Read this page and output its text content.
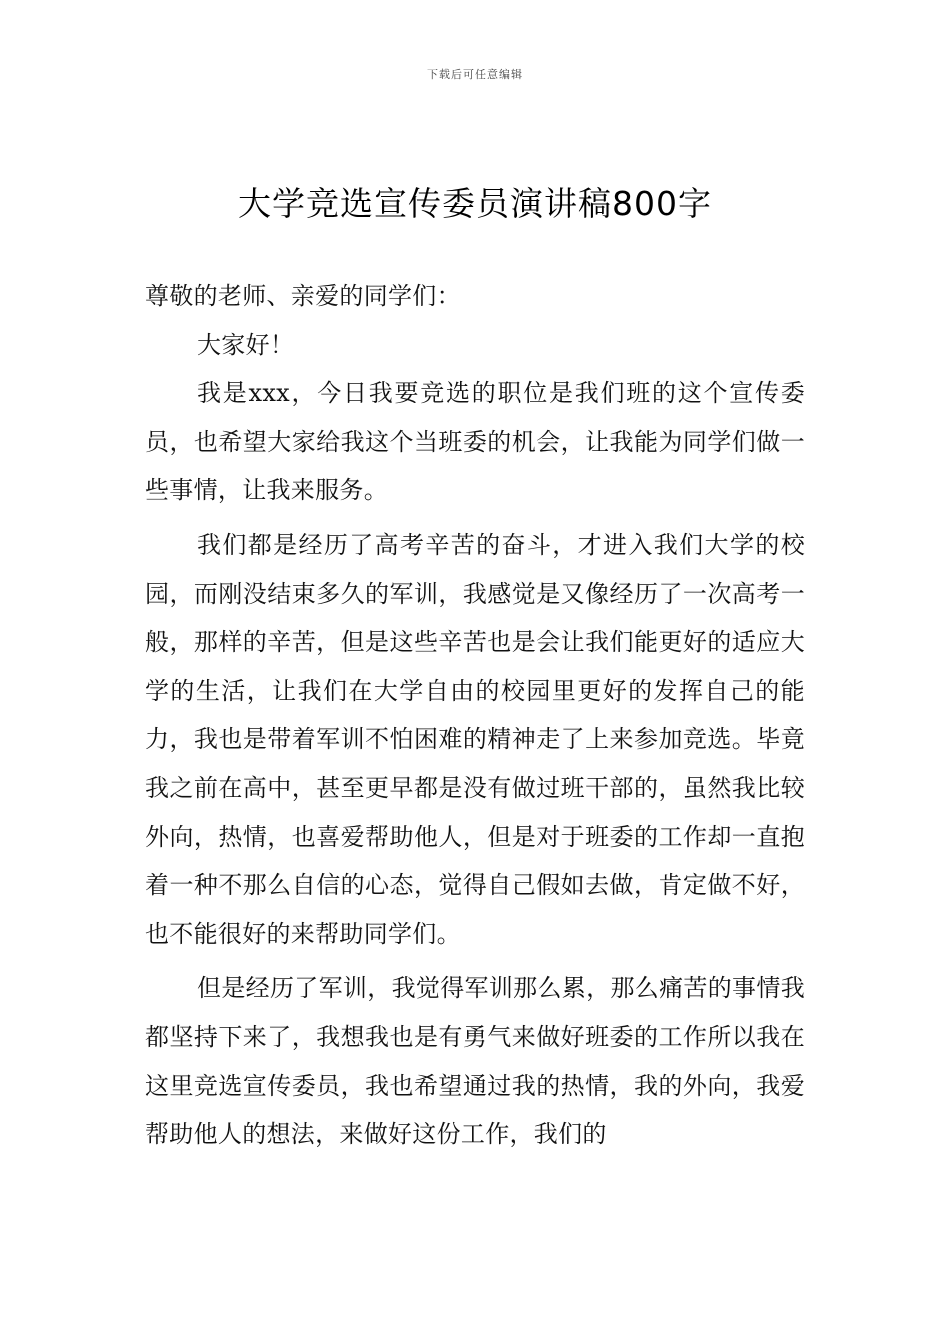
下载后可任意编辑
大学竞选宣传委员演讲稿800字

尊敬的老师、亲爱的同学们：

大家好！

我是xxx，今日我要竞选的职位是我们班的这个宣传委员，也希望大家给我这个当班委的机会，让我能为同学们做一些事情，让我来服务。

我们都是经历了高考辛苦的奋斗，才进入我们大学的校园，而刚没结束多久的军训，我感觉是又像经历了一次高考一般，那样的辛苦，但是这些辛苦也是会让我们能更好的适应大学的生活，让我们在大学自由的校园里更好的发挥自己的能力，我也是带着军训不怕困难的精神走了上来参加竞选。毕竟我之前在高中，甚至更早都是没有做过班干部的，虽然我比较外向，热情，也喜爱帮助他人，但是对于班委的工作却一直抱着一种不那么自信的心态，觉得自己假如去做，肯定做不好，也不能很好的来帮助同学们。

但是经历了军训，我觉得军训那么累，那么痛苦的事情我都坚持下来了，我想我也是有勇气来做好班委的工作所以我在这里竞选宣传委员，我也希望通过我的热情，我的外向，我爱帮助他人的想法，来做好这份工作，我们的
